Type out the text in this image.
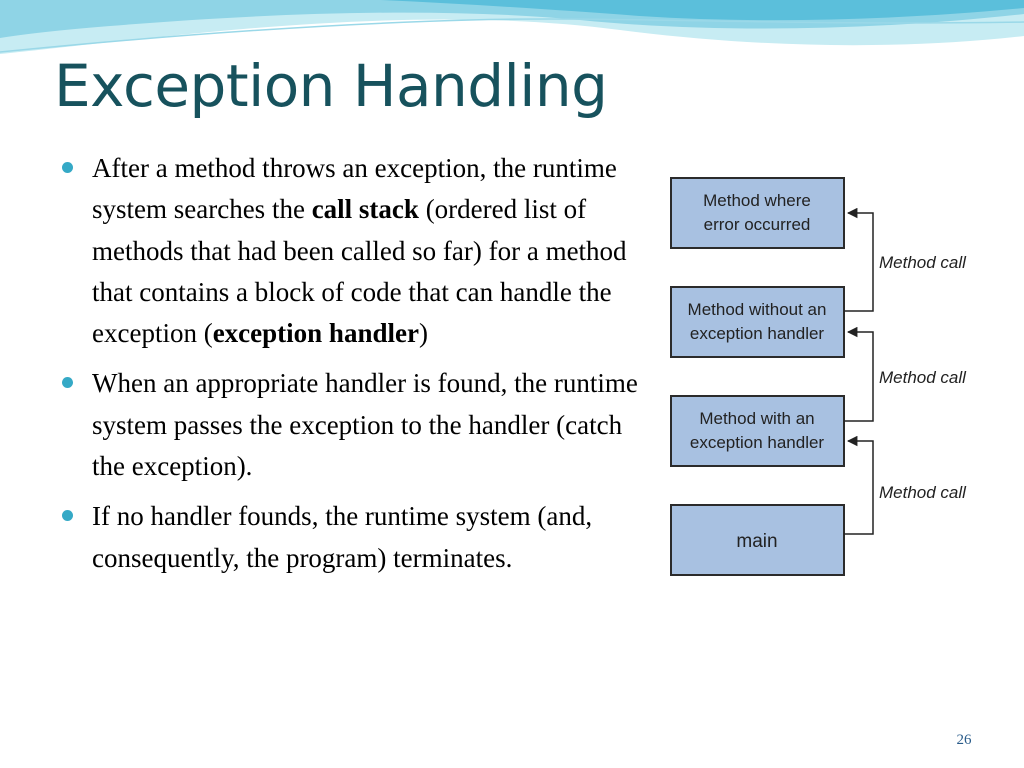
Exception Handling
After a method throws an exception, the runtime system searches the call stack (ordered list of methods that had been called so far) for a method that contains a block of code that can handle the exception (exception handler)
When an appropriate handler is found, the runtime system passes the exception to the handler (catch the exception).
If no handler founds, the runtime system (and, consequently, the program) terminates.
Method where
error occurred
Method without an
exception handler
Method with an
exception handler
main
Method call
Method call
Method call
26
